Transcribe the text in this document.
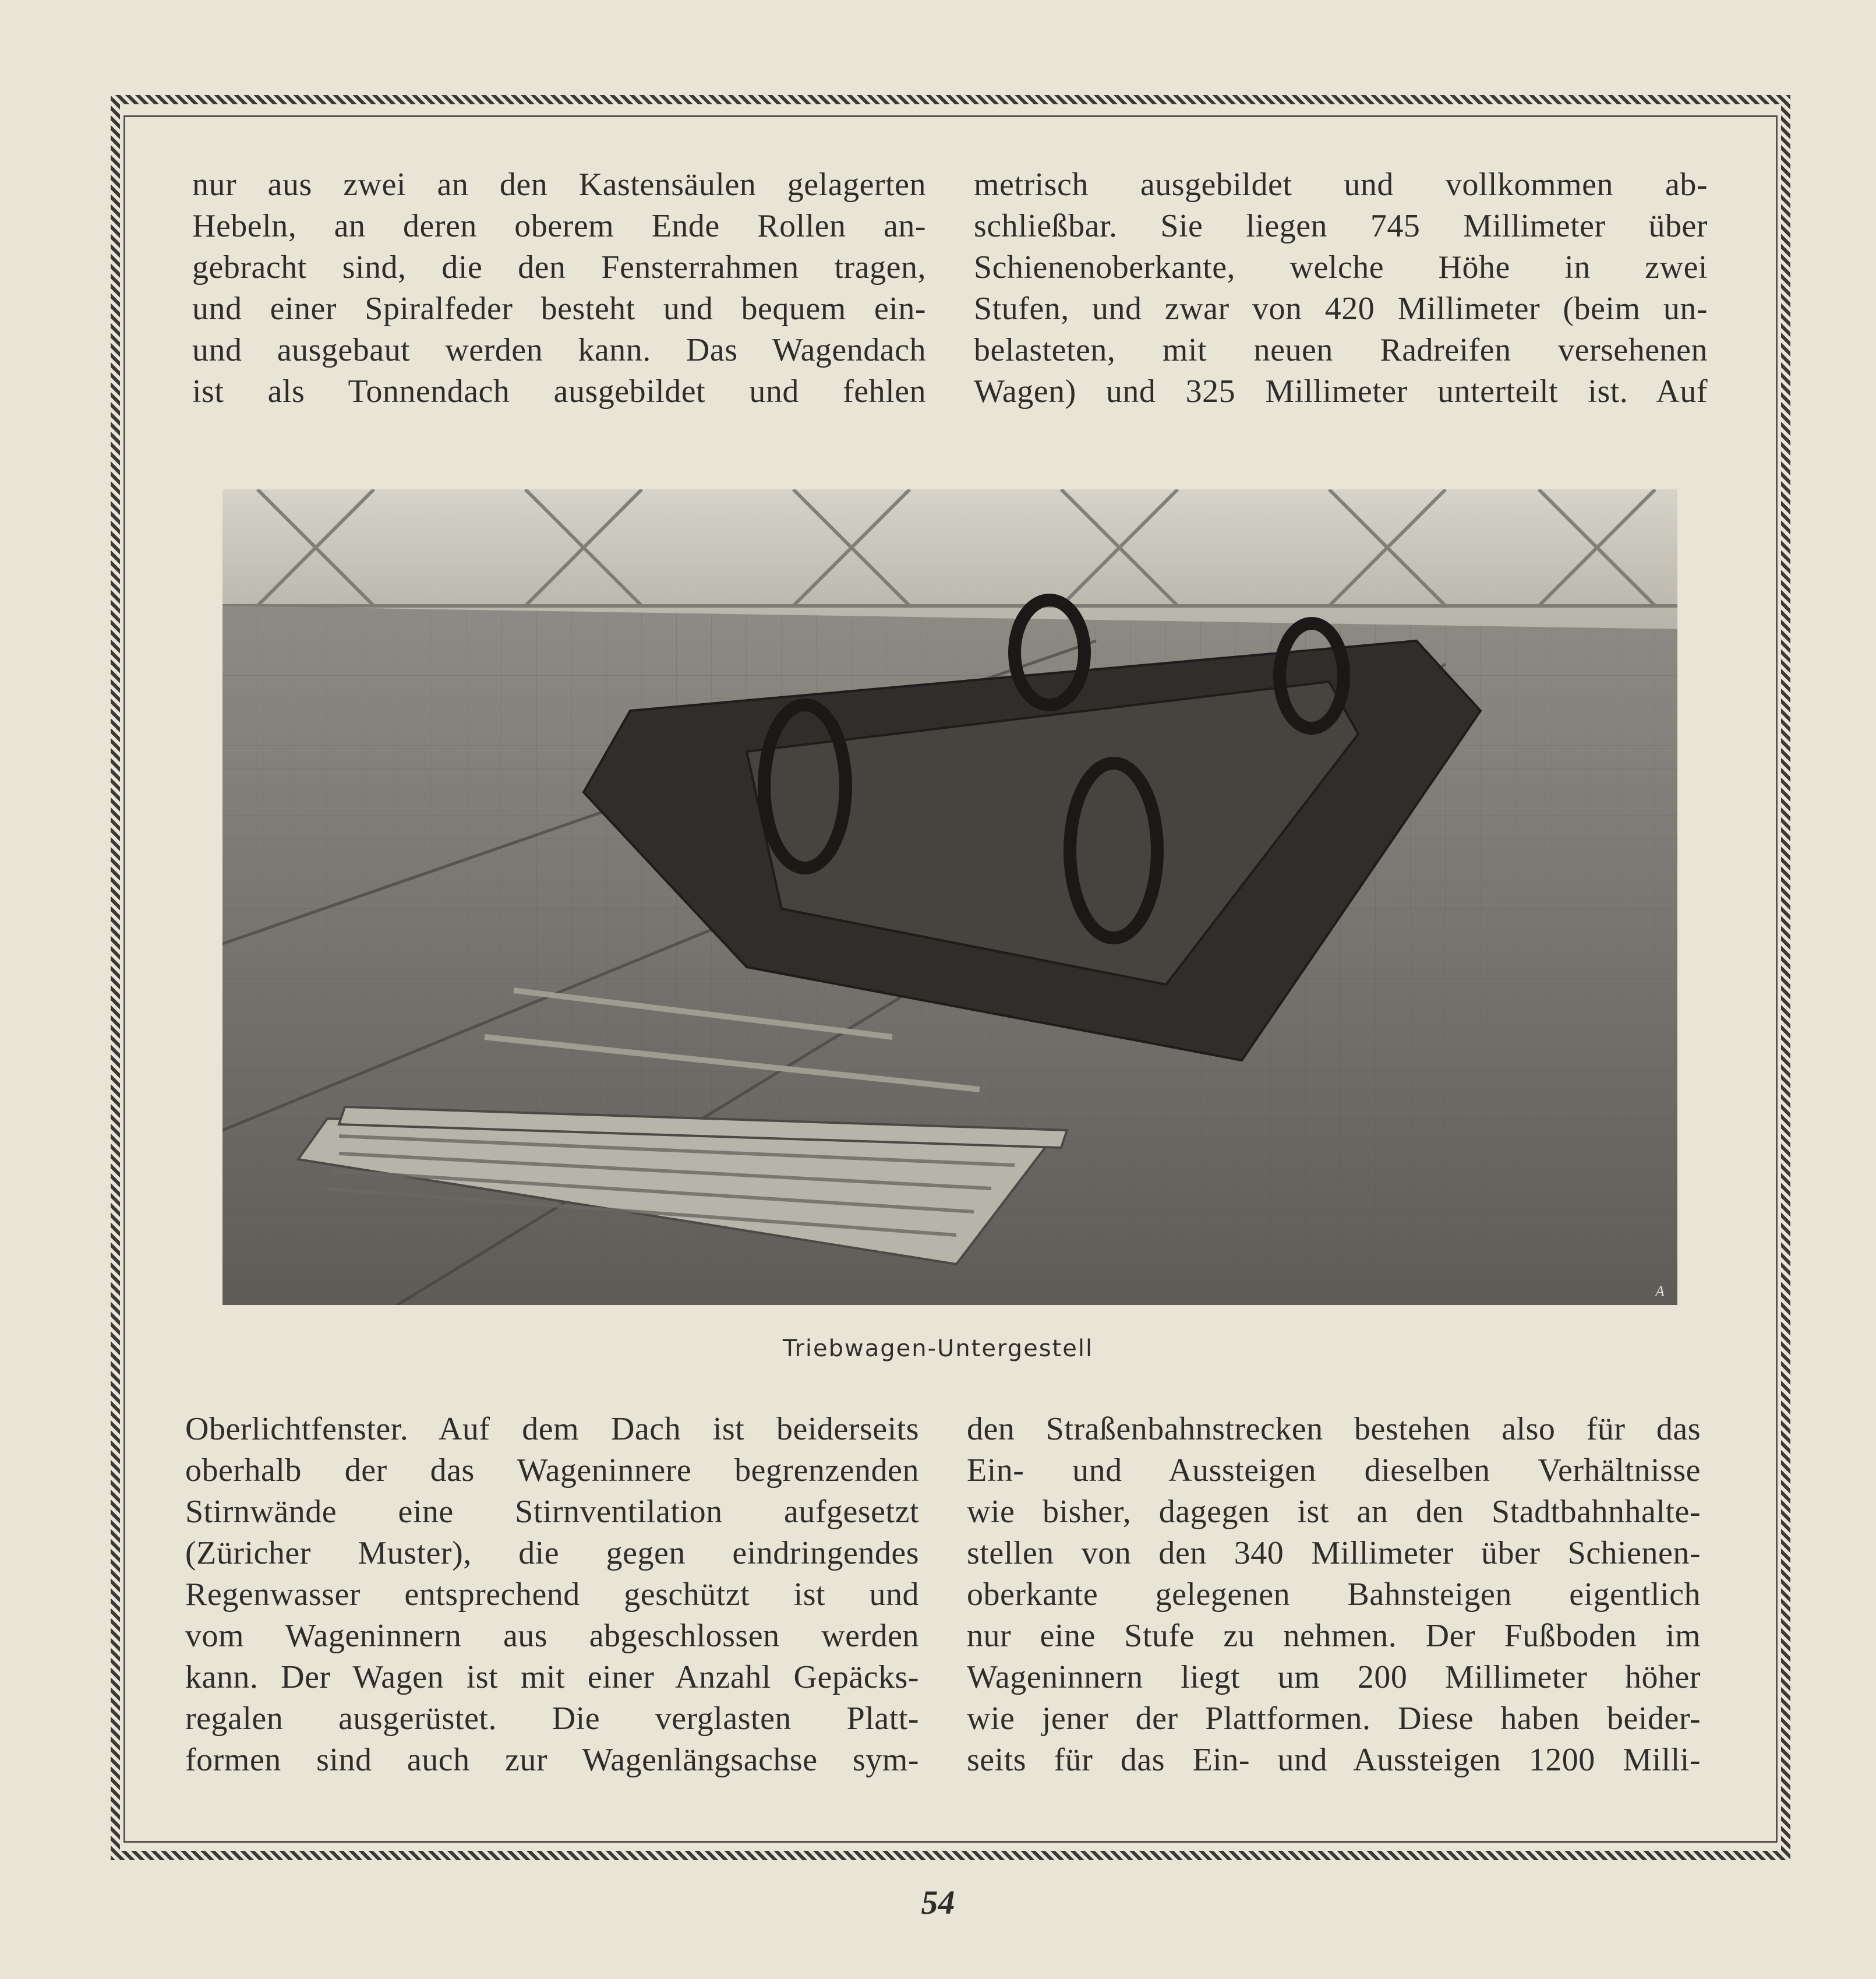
nur aus zwei an den Kastensäulen gelagerten

Hebeln, an deren oberem Ende Rollen an-

gebracht sind, die den Fensterrahmen tragen,

und einer Spiralfeder besteht und bequem ein-

und ausgebaut werden kann. Das Wagendach

ist als Tonnendach ausgebildet und fehlen

metrisch ausgebildet und vollkommen ab-

schließbar. Sie liegen 745 Millimeter über

Schienenoberkante, welche Höhe in zwei

Stufen, und zwar von 420 Millimeter (beim un-

belasteten, mit neuen Radreifen versehenen

Wagen) und 325 Millimeter unterteilt ist. Auf

A
Triebwagen-Untergestell

Oberlichtfenster. Auf dem Dach ist beiderseits

oberhalb der das Wageninnere begrenzenden

Stirnwände eine Stirnventilation aufgesetzt

(Züricher Muster), die gegen eindringendes

Regenwasser entsprechend geschützt ist und

vom Wageninnern aus abgeschlossen werden

kann. Der Wagen ist mit einer Anzahl Gepäcks-

regalen ausgerüstet. Die verglasten Platt-

formen sind auch zur Wagenlängsachse sym-

den Straßenbahnstrecken bestehen also für das

Ein- und Aussteigen dieselben Verhältnisse

wie bisher, dagegen ist an den Stadtbahnhalte-

stellen von den 340 Millimeter über Schienen-

oberkante gelegenen Bahnsteigen eigentlich

nur eine Stufe zu nehmen. Der Fußboden im

Wageninnern liegt um 200 Millimeter höher

wie jener der Plattformen. Diese haben beider-

seits für das Ein- und Aussteigen 1200 Milli-

54
